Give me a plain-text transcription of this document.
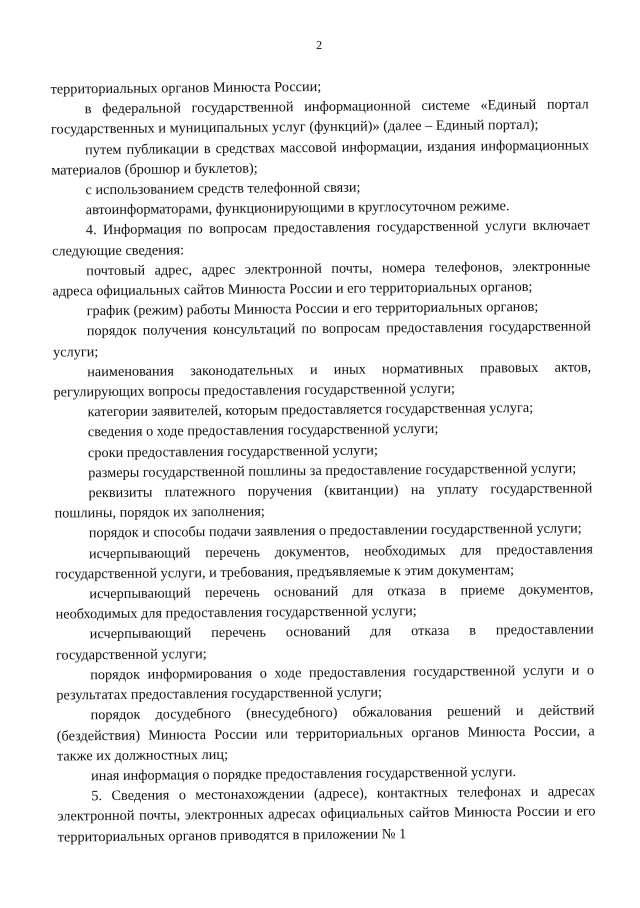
2

территориальных органов Минюста России;

в федеральной государственной информационной системе «Единый портал государственных и муниципальных услуг (функций)» (далее – Единый портал);

путем публикации в средствах массовой информации, издания информационных материалов (брошюр и буклетов);

с использованием средств телефонной связи;

автоинформаторами, функционирующими в круглосуточном режиме.

4. Информация по вопросам предоставления государственной услуги включает следующие сведения:

почтовый адрес, адрес электронной почты, номера телефонов, электронные адреса официальных сайтов Минюста России и его территориальных органов;

график (режим) работы Минюста России и его территориальных органов;

порядок получения консультаций по вопросам предоставления государственной услуги;

наименования законодательных и иных нормативных правовых актов, регулирующих вопросы предоставления государственной услуги;

категории заявителей, которым предоставляется государственная услуга;

сведения о ходе предоставления государственной услуги;

сроки предоставления государственной услуги;

размеры государственной пошлины за предоставление государственной услуги;

реквизиты платежного поручения (квитанции) на уплату государственной пошлины, порядок их заполнения;

порядок и способы подачи заявления о предоставлении государственной услуги;

исчерпывающий перечень документов, необходимых для предоставления государственной услуги, и требования, предъявляемые к этим документам;

исчерпывающий перечень оснований для отказа в приеме документов, необходимых для предоставления государственной услуги;

исчерпывающий перечень оснований для отказа в предоставлении государственной услуги;

порядок информирования о ходе предоставления государственной услуги и о результатах предоставления государственной услуги;

порядок досудебного (внесудебного) обжалования решений и действий (бездействия) Минюста России или территориальных органов Минюста России, а также их должностных лиц;

иная информация о порядке предоставления государственной услуги.

5. Сведения о местонахождении (адресе), контактных телефонах и адресах электронной почты, электронных адресах официальных сайтов Минюста России и его территориальных органов приводятся в приложении № 1
